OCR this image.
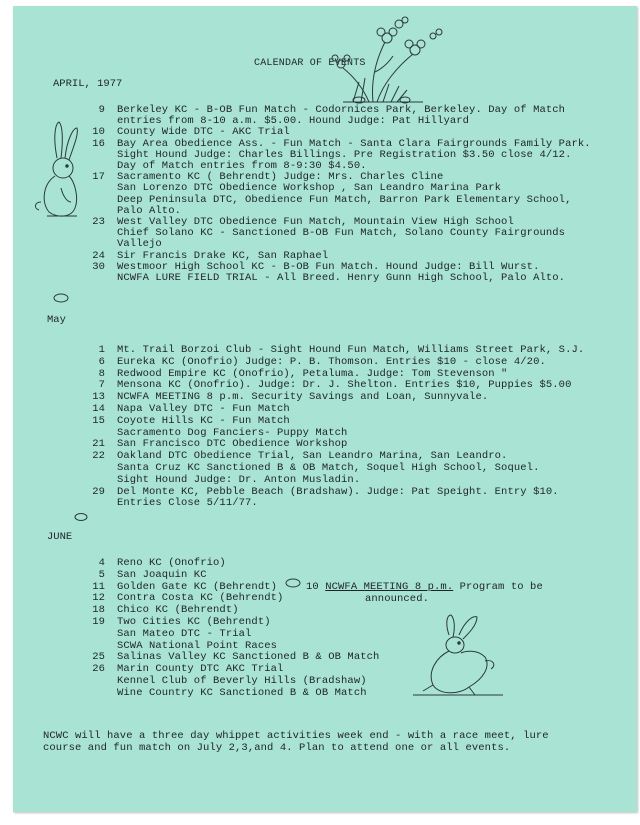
CALENDAR OF EVENTS
APRIL, 1977
May
JUNE
9 Berkeley KC - B-OB Fun Match - Codornices Park, Berkeley. Day of Match
entries from 8-10 a.m. $5.00. Hound Judge: Pat Hillyard
10 County Wide DTC - AKC Trial
16 Bay Area Obedience Ass. - Fun Match - Santa Clara Fairgrounds Family Park.
Sight Hound Judge: Charles Billings. Pre Registration $3.50 close 4/12.
Day of Match entries from 8-9:30 $4.50.
17 Sacramento KC ( Behrendt) Judge: Mrs. Charles Cline
San Lorenzo DTC Obedience Workshop , San Leandro Marina Park
Deep Peninsula DTC, Obedience Fun Match, Barron Park Elementary School,
Palo Alto.
23 West Valley DTC Obedience Fun Match, Mountain View High School
Chief Solano KC - Sanctioned B-OB Fun Match, Solano County Fairgrounds
Vallejo
24 Sir Francis Drake KC, San Raphael
30 Westmoor High School KC - B-OB Fun Match. Hound Judge: Bill Wurst.
NCWFA LURE FIELD TRIAL - All Breed. Henry Gunn High School, Palo Alto.
1 Mt. Trail Borzoi Club - Sight Hound Fun Match, Williams Street Park, S.J.
6 Eureka KC (Onofrio) Judge: P. B. Thomson. Entries $10 - close 4/20.
8 Redwood Empire KC (Onofrio), Petaluma. Judge: Tom Stevenson "
7 Mensona KC (Onofrio). Judge: Dr. J. Shelton. Entries $10, Puppies $5.00
13 NCWFA MEETING 8 p.m. Security Savings and Loan, Sunnyvale.
14 Napa Valley DTC - Fun Match
15 Coyote Hills KC - Fun Match
Sacramento Dog Fanciers- Puppy Match
21 San Francisco DTC Obedience Workshop
22 Oakland DTC Obedience Trial, San Leandro Marina, San Leandro.
Santa Cruz KC Sanctioned B & OB Match, Soquel High School, Soquel.
Sight Hound Judge: Dr. Anton Musladin.
29 Del Monte KC, Pebble Beach (Bradshaw). Judge: Pat Speight. Entry $10.
Entries Close 5/11/77.
4 Reno KC (Onofrio)
5 San Joaquin KC
11 Golden Gate KC (Behrendt)
12 Contra Costa KC (Behrendt)
18 Chico KC (Behrendt)
19 Two Cities KC (Behrendt)
San Mateo DTC - Trial
SCWA National Point Races
25 Salinas Valley KC Sanctioned B & OB Match
26 Marin County DTC AKC Trial
Kennel Club of Beverly Hills (Bradshaw)
Wine Country KC Sanctioned B & OB Match
10 NCWFA MEETING 8 p.m. Program to be
announced.
NCWC will have a three day whippet activities week end - with a race meet, lure
course and fun match on July 2,3,and 4. Plan to attend one or all events.
